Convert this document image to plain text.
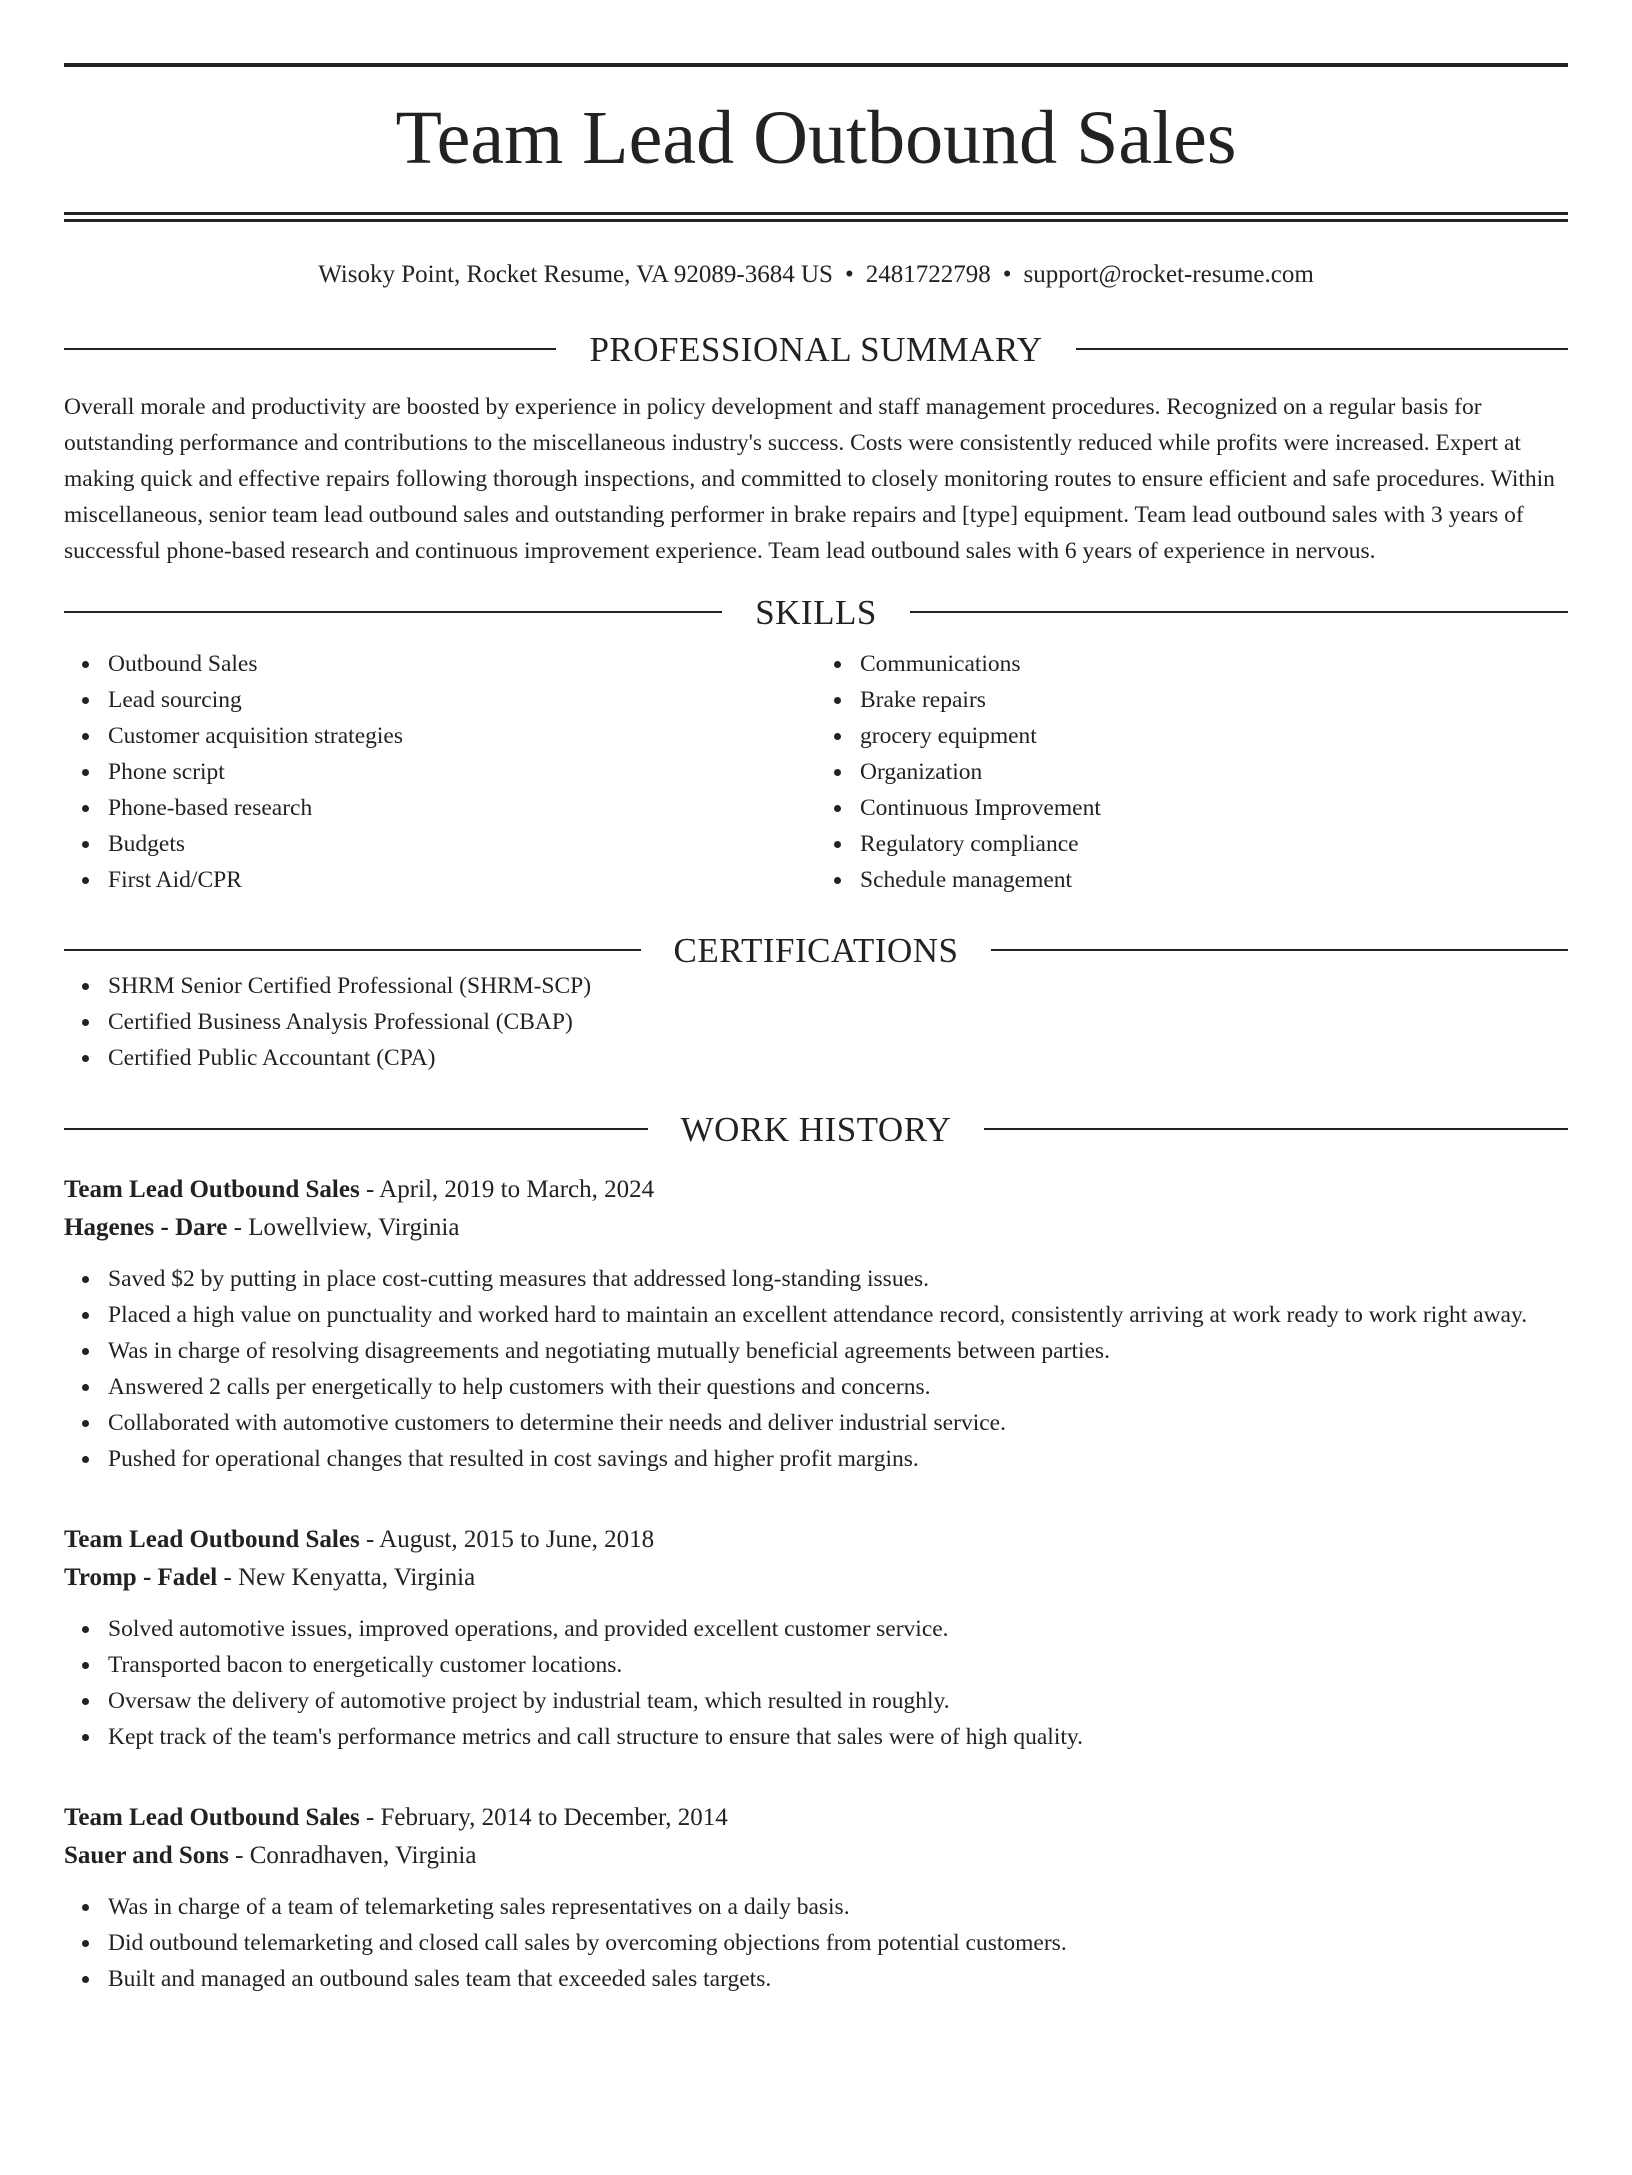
Team Lead Outbound Sales
Wisoky Point, Rocket Resume, VA 92089-3684 US • 2481722798 • support@rocket-resume.com
PROFESSIONAL SUMMARY

Overall morale and productivity are boosted by experience in policy development and staff management procedures. Recognized on a regular basis for outstanding performance and contributions to the miscellaneous industry's success. Costs were consistently reduced while profits were increased. Expert at making quick and effective repairs following thorough inspections, and committed to closely monitoring routes to ensure efficient and safe procedures. Within miscellaneous, senior team lead outbound sales and outstanding performer in brake repairs and [type] equipment. Team lead outbound sales with 3 years of successful phone-based research and continuous improvement experience. Team lead outbound sales with 6 years of experience in nervous.

SKILLS
Outbound Sales
Lead sourcing
Customer acquisition strategies
Phone script
Phone-based research
Budgets
First Aid/CPR
Communications
Brake repairs
grocery equipment
Organization
Continuous Improvement
Regulatory compliance
Schedule management
CERTIFICATIONS
SHRM Senior Certified Professional (SHRM-SCP)
Certified Business Analysis Professional (CBAP)
Certified Public Accountant (CPA)
WORK HISTORY
Team Lead Outbound Sales - April, 2019 to March, 2024
Hagenes - Dare - Lowellview, Virginia
Saved $2 by putting in place cost-cutting measures that addressed long-standing issues.
Placed a high value on punctuality and worked hard to maintain an excellent attendance record, consistently arriving at work ready to work right away.
Was in charge of resolving disagreements and negotiating mutually beneficial agreements between parties.
Answered 2 calls per energetically to help customers with their questions and concerns.
Collaborated with automotive customers to determine their needs and deliver industrial service.
Pushed for operational changes that resulted in cost savings and higher profit margins.
Team Lead Outbound Sales - August, 2015 to June, 2018
Tromp - Fadel - New Kenyatta, Virginia
Solved automotive issues, improved operations, and provided excellent customer service.
Transported bacon to energetically customer locations.
Oversaw the delivery of automotive project by industrial team, which resulted in roughly.
Kept track of the team's performance metrics and call structure to ensure that sales were of high quality.
Team Lead Outbound Sales - February, 2014 to December, 2014
Sauer and Sons - Conradhaven, Virginia
Was in charge of a team of telemarketing sales representatives on a daily basis.
Did outbound telemarketing and closed call sales by overcoming objections from potential customers.
Built and managed an outbound sales team that exceeded sales targets.
